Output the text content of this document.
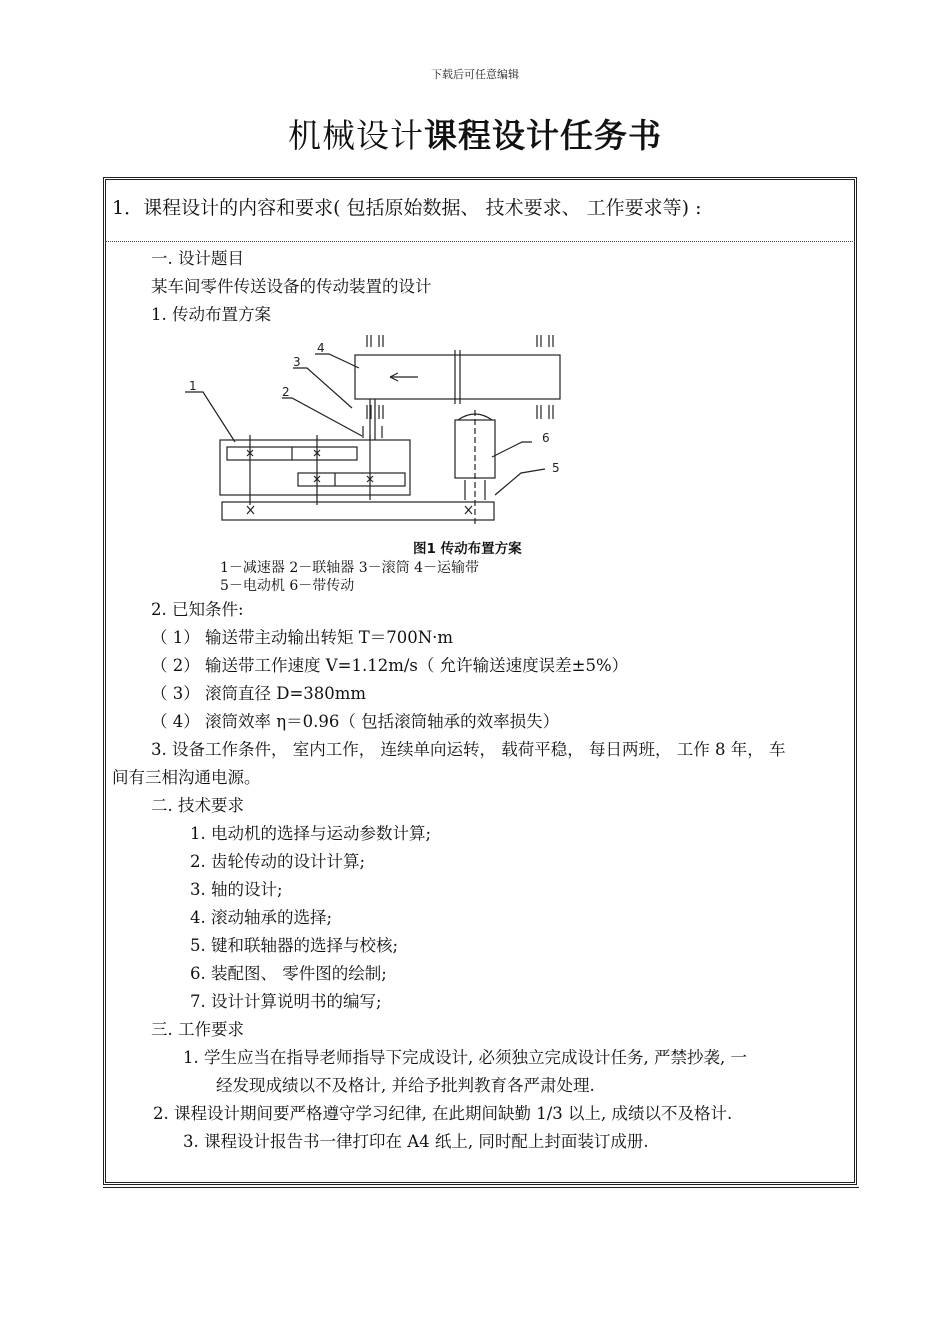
下载后可任意编辑
机械设计课程设计任务书
1．课程设计的内容和要求( 包括原始数据、 技术要求、 工作要求等) :
一. 设计题目
某车间零件传送设备的传动装置的设计
1. 传动布置方案
1	2
3
4
5
6
图1 传动布置方案
1－减速器 2－联轴器 3－滚筒 4－运输带
5－电动机 6－带传动
2. 已知条件:
（ 1） 输送带主动输出转矩 T＝700N·m
（ 2） 输送带工作速度 V=1.12m/s（ 允许输送速度误差±5%）
（ 3） 滚筒直径 D=380mm
（ 4） 滚筒效率 η＝0.96（ 包括滚筒轴承的效率损失）
3. 设备工作条件， 室内工作， 连续单向运转， 载荷平稳， 每日两班， 工作 8 年， 车
间有三相沟通电源。
二. 技术要求
1. 电动机的选择与运动参数计算;
2. 齿轮传动的设计计算;
3. 轴的设计;
4. 滚动轴承的选择;
5. 键和联轴器的选择与校核;
6. 装配图、 零件图的绘制;
7. 设计计算说明书的编写;
三. 工作要求
1. 学生应当在指导老师指导下完成设计, 必须独立完成设计任务, 严禁抄袭, 一
经发现成绩以不及格计, 并给予批判教育各严肃处理.
2. 课程设计期间要严格遵守学习纪律, 在此期间缺勤 1/3 以上, 成绩以不及格计.
3. 课程设计报告书一律打印在 A4 纸上, 同时配上封面装订成册.
